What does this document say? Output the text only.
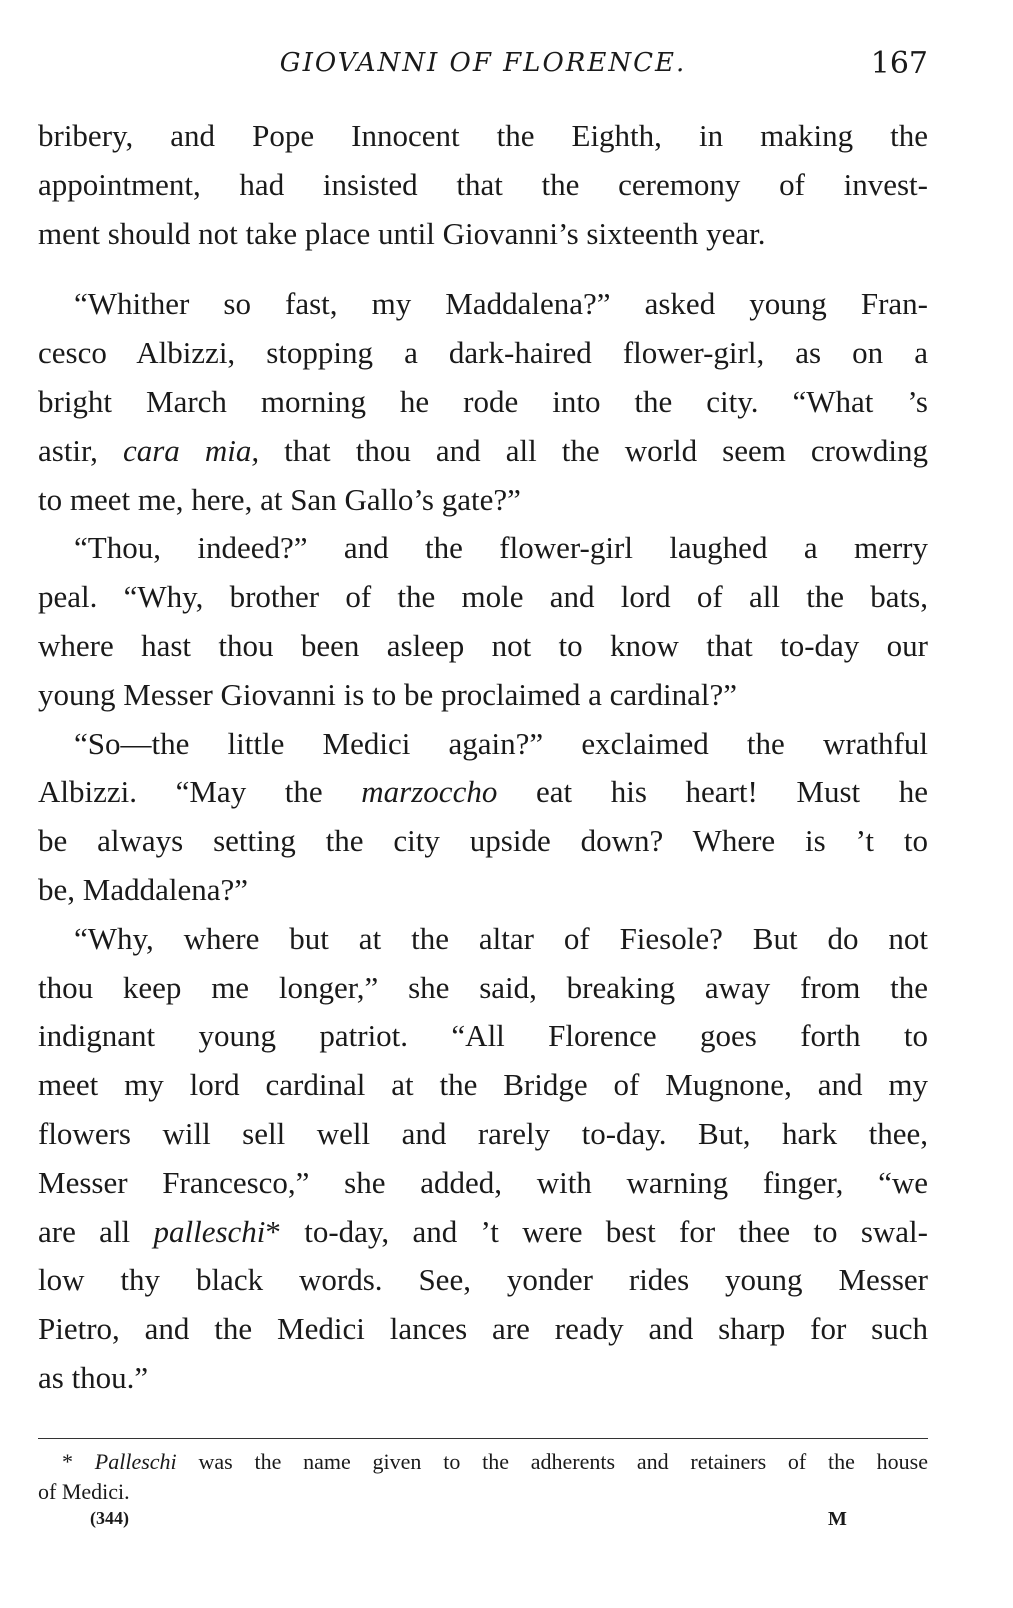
GIOVANNI OF FLORENCE.	167
bribery, and Pope Innocent the Eighth, in making the
appointment, had insisted that the ceremony of invest-
ment should not take place until Giovanni’s sixteenth year.
“Whither so fast, my Maddalena?” asked young Fran-
cesco Albizzi, stopping a dark-haired flower-girl, as on a
bright March morning he rode into the city. “What ’s
astir, cara mia, that thou and all the world seem crowding
to meet me, here, at San Gallo’s gate?”
“Thou, indeed?” and the flower-girl laughed a merry
peal. “Why, brother of the mole and lord of all the bats,
where hast thou been asleep not to know that to-day our
young Messer Giovanni is to be proclaimed a cardinal?”
“So—the little Medici again?” exclaimed the wrathful
Albizzi. “May the marzoccho eat his heart! Must he
be always setting the city upside down? Where is ’t to
be, Maddalena?”
“Why, where but at the altar of Fiesole? But do not
thou keep me longer,” she said, breaking away from the
indignant young patriot. “All Florence goes forth to
meet my lord cardinal at the Bridge of Mugnone, and my
flowers will sell well and rarely to-day. But, hark thee,
Messer Francesco,” she added, with warning finger, “we
are all palleschi* to-day, and ’t were best for thee to swal-
low thy black words. See, yonder rides young Messer
Pietro, and the Medici lances are ready and sharp for such
as thou.”
* Palleschi was the name given to the adherents and retainers of the house
of Medici.
(344)	M
